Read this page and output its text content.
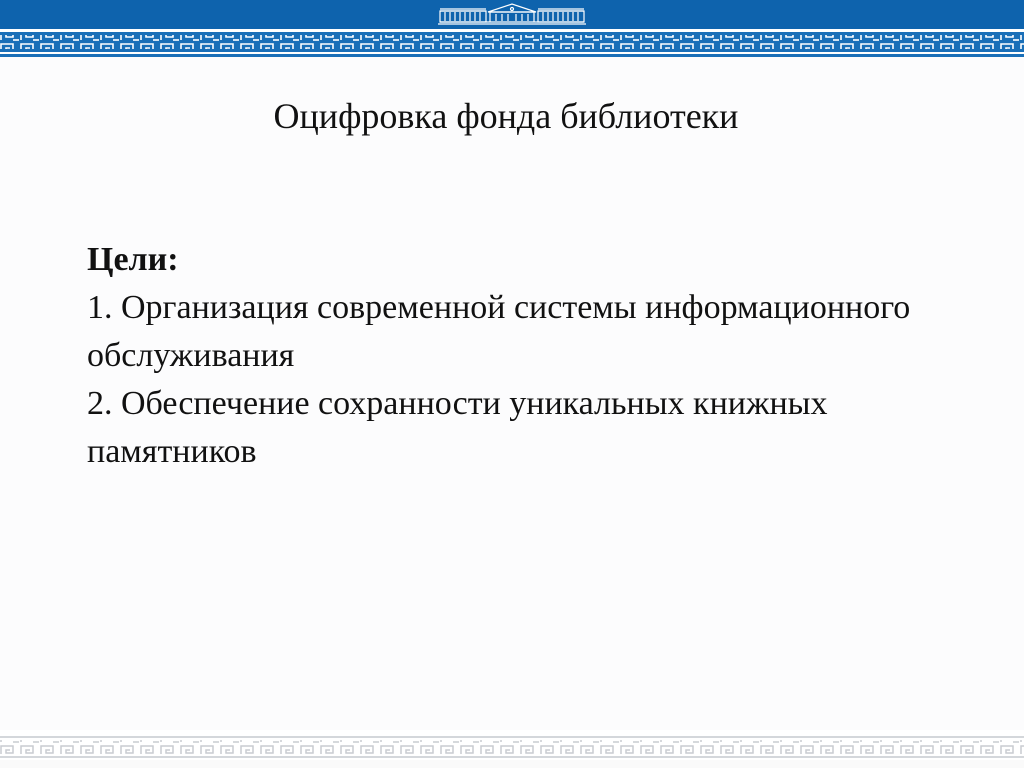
Оцифровка фонда библиотеки
Цели:
1. Организация современной системы информационного обслуживания
2. Обеспечение сохранности уникальных книжных памятников
